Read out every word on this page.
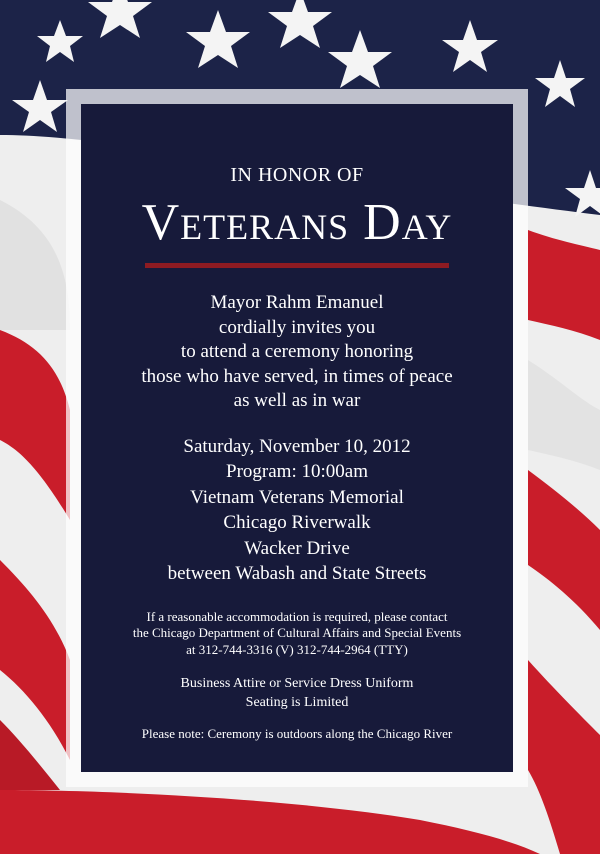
IN HONOR OF
Veterans Day
Mayor Rahm Emanuel
cordially invites you
to attend a ceremony honoring
those who have served, in times of peace
as well as in war
Saturday, November 10, 2012
Program: 10:00am
Vietnam Veterans Memorial
Chicago Riverwalk
Wacker Drive
between Wabash and State Streets
If a reasonable accommodation is required, please contact
the Chicago Department of Cultural Affairs and Special Events
at 312-744-3316 (V) 312-744-2964 (TTY)
Business Attire or Service Dress Uniform
Seating is Limited
Please note: Ceremony is outdoors along the Chicago River
